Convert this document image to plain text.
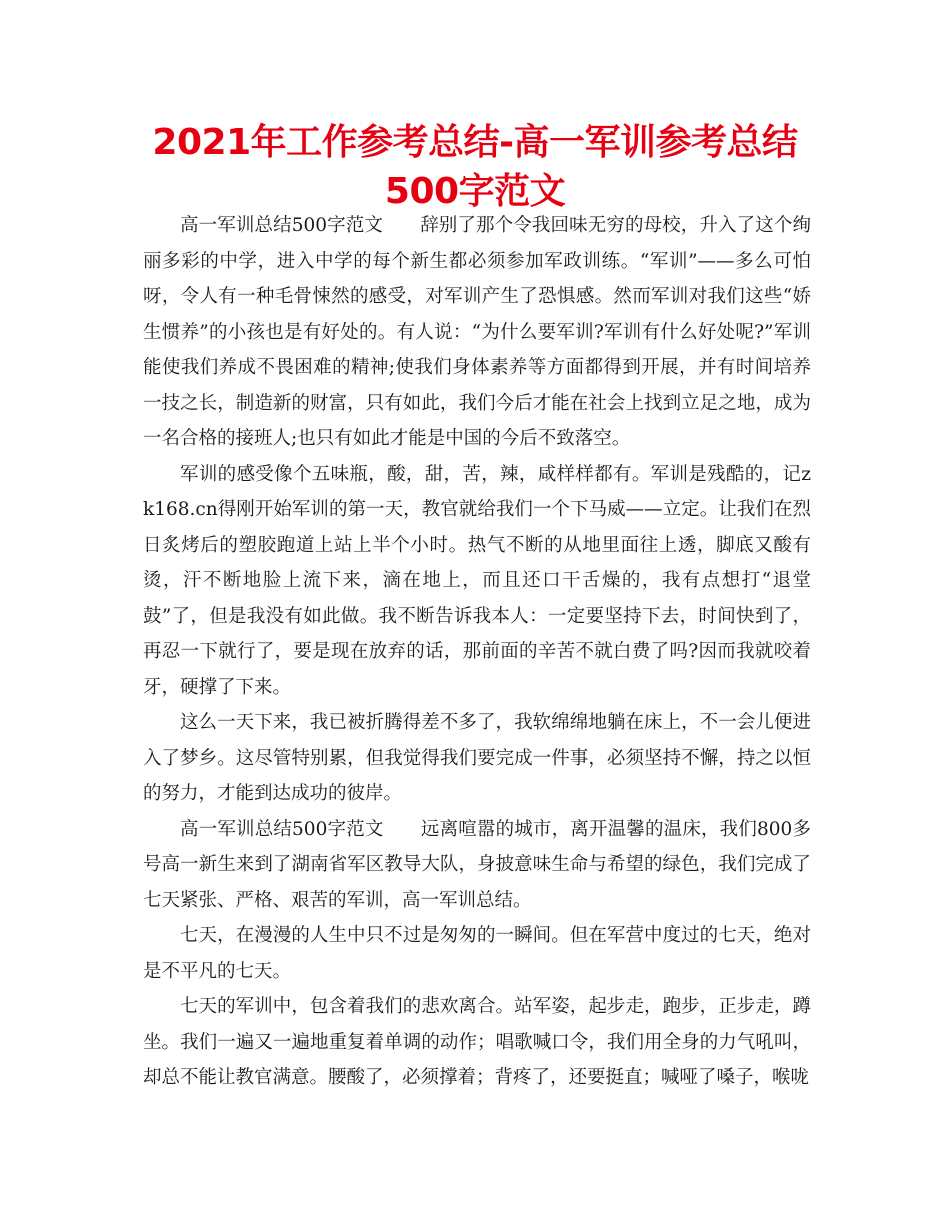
2021年工作参考总结-高一军训参考总结500字范文

高一军训总结500字范文　　辞别了那个令我回味无穷的母校，升入了这个绚丽多彩的中学，进入中学的每个新生都必须参加军政训练。“军训”——多么可怕呀，令人有一种毛骨悚然的感受，对军训产生了恐惧感。然而军训对我们这些“娇生惯养”的小孩也是有好处的。有人说：“为什么要军训?军训有什么好处呢?”军训能使我们养成不畏困难的精神;使我们身体素养等方面都得到开展，并有时间培养一技之长，制造新的财富，只有如此，我们今后才能在社会上找到立足之地，成为一名合格的接班人;也只有如此才能是中国的今后不致落空。

军训的感受像个五味瓶，酸，甜，苦，辣，咸样样都有。军训是残酷的，记zk168.cn得刚开始军训的第一天，教官就给我们一个下马威——立定。让我们在烈日炙烤后的塑胶跑道上站上半个小时。热气不断的从地里面往上透，脚底又酸有烫，汗不断地脸上流下来，滴在地上，而且还口干舌燥的，我有点想打“退堂鼓”了，但是我没有如此做。我不断告诉我本人：一定要坚持下去，时间快到了，再忍一下就行了，要是现在放弃的话，那前面的辛苦不就白费了吗?因而我就咬着牙，硬撑了下来。

这么一天下来，我已被折腾得差不多了，我软绵绵地躺在床上，不一会儿便进入了梦乡。这尽管特别累，但我觉得我们要完成一件事，必须坚持不懈，持之以恒的努力，才能到达成功的彼岸。

高一军训总结500字范文　　远离喧嚣的城市，离开温馨的温床，我们800多号高一新生来到了湖南省军区教导大队，身披意味生命与希望的绿色，我们完成了七天紧张、严格、艰苦的军训，高一军训总结。

七天，在漫漫的人生中只不过是匆匆的一瞬间。但在军营中度过的七天，绝对是不平凡的七天。

七天的军训中，包含着我们的悲欢离合。站军姿，起步走，跑步，正步走，蹲坐。我们一遍又一遍地重复着单调的动作；唱歌喊口令，我们用全身的力气吼叫，却总不能让教官满意。腰酸了，必须撑着；背疼了，还要挺直；喊哑了嗓子，喉咙
